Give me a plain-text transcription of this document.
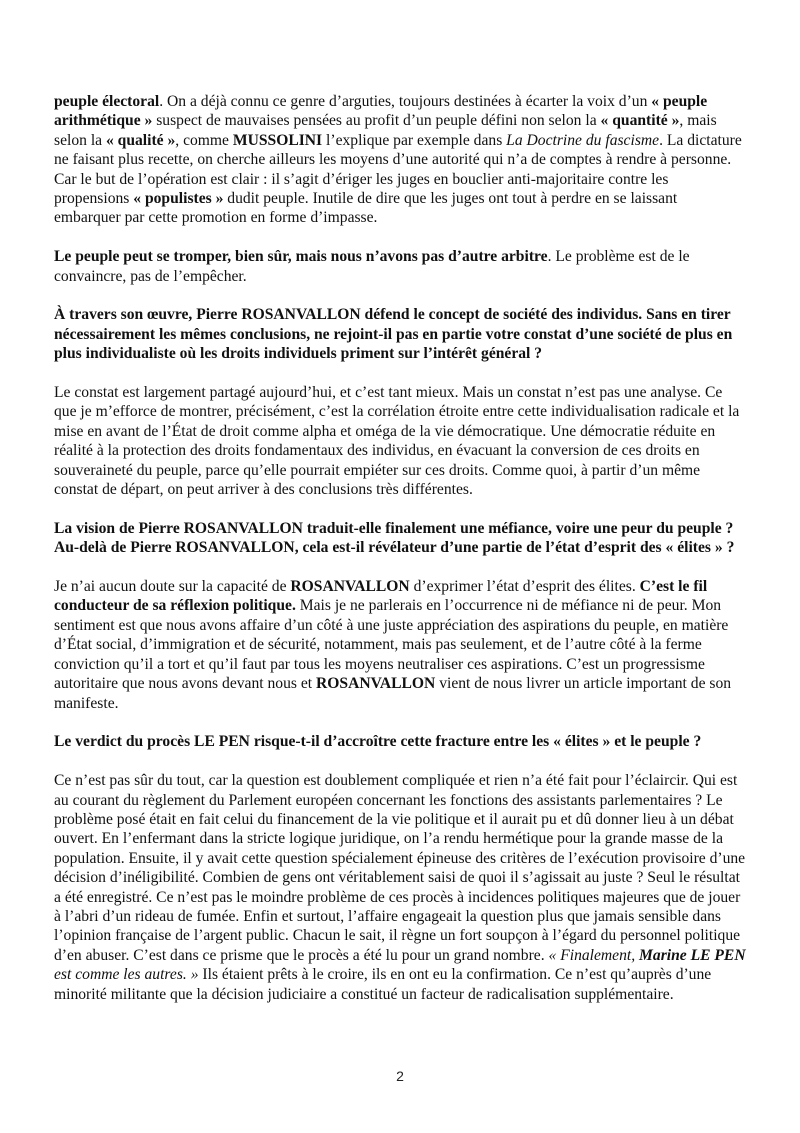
peuple électoral. On a déjà connu ce genre d’arguties, toujours destinées à écarter la voix d’un « peuple arithmétique » suspect de mauvaises pensées au profit d’un peuple défini non selon la « quantité », mais selon la « qualité », comme MUSSOLINI l’explique par exemple dans La Doctrine du fascisme. La dictature ne faisant plus recette, on cherche ailleurs les moyens d’une autorité qui n’a de comptes à rendre à personne. Car le but de l’opération est clair : il s’agit d’ériger les juges en bouclier anti-majoritaire contre les propensions « populistes » dudit peuple. Inutile de dire que les juges ont tout à perdre en se laissant embarquer par cette promotion en forme d’impasse.

Le peuple peut se tromper, bien sûr, mais nous n’avons pas d’autre arbitre. Le problème est de le convaincre, pas de l’empêcher.

À travers son œuvre, Pierre ROSANVALLON défend le concept de société des individus. Sans en tirer nécessairement les mêmes conclusions, ne rejoint-il pas en partie votre constat d’une société de plus en plus individualiste où les droits individuels priment sur l’intérêt général ?

Le constat est largement partagé aujourd’hui, et c’est tant mieux. Mais un constat n’est pas une analyse. Ce que je m’efforce de montrer, précisément, c’est la corrélation étroite entre cette individualisation radicale et la mise en avant de l’État de droit comme alpha et oméga de la vie démocratique. Une démocratie réduite en réalité à la protection des droits fondamentaux des individus, en évacuant la conversion de ces droits en souveraineté du peuple, parce qu’elle pourrait empiéter sur ces droits. Comme quoi, à partir d’un même constat de départ, on peut arriver à des conclusions très différentes.

La vision de Pierre ROSANVALLON traduit-elle finalement une méfiance, voire une peur du peuple ? Au-delà de Pierre ROSANVALLON, cela est-il révélateur d’une partie de l’état d’esprit des « élites » ?

Je n’ai aucun doute sur la capacité de ROSANVALLON d’exprimer l’état d’esprit des élites. C’est le fil conducteur de sa réflexion politique. Mais je ne parlerais en l’occurrence ni de méfiance ni de peur. Mon sentiment est que nous avons affaire d’un côté à une juste appréciation des aspirations du peuple, en matière d’État social, d’immigration et de sécurité, notamment, mais pas seulement, et de l’autre côté à la ferme conviction qu’il a tort et qu’il faut par tous les moyens neutraliser ces aspirations. C’est un progressisme autoritaire que nous avons devant nous et ROSANVALLON vient de nous livrer un article important de son manifeste.

Le verdict du procès LE PEN risque-t-il d’accroître cette fracture entre les « élites » et le peuple ?

Ce n’est pas sûr du tout, car la question est doublement compliquée et rien n’a été fait pour l’éclaircir. Qui est au courant du règlement du Parlement européen concernant les fonctions des assistants parlementaires ? Le problème posé était en fait celui du financement de la vie politique et il aurait pu et dû donner lieu à un débat ouvert. En l’enfermant dans la stricte logique juridique, on l’a rendu hermétique pour la grande masse de la population. Ensuite, il y avait cette question spécialement épineuse des critères de l’exécution provisoire d’une décision d’inéligibilité. Combien de gens ont véritablement saisi de quoi il s’agissait au juste ? Seul le résultat a été enregistré. Ce n’est pas le moindre problème de ces procès à incidences politiques majeures que de jouer à l’abri d’un rideau de fumée. Enfin et surtout, l’affaire engageait la question plus que jamais sensible dans l’opinion française de l’argent public. Chacun le sait, il règne un fort soupçon à l’égard du personnel politique d’en abuser. C’est dans ce prisme que le procès a été lu pour un grand nombre. « Finalement, Marine LE PEN est comme les autres. » Ils étaient prêts à le croire, ils en ont eu la confirmation. Ce n’est qu’auprès d’une minorité militante que la décision judiciaire a constitué un facteur de radicalisation supplémentaire.

2
